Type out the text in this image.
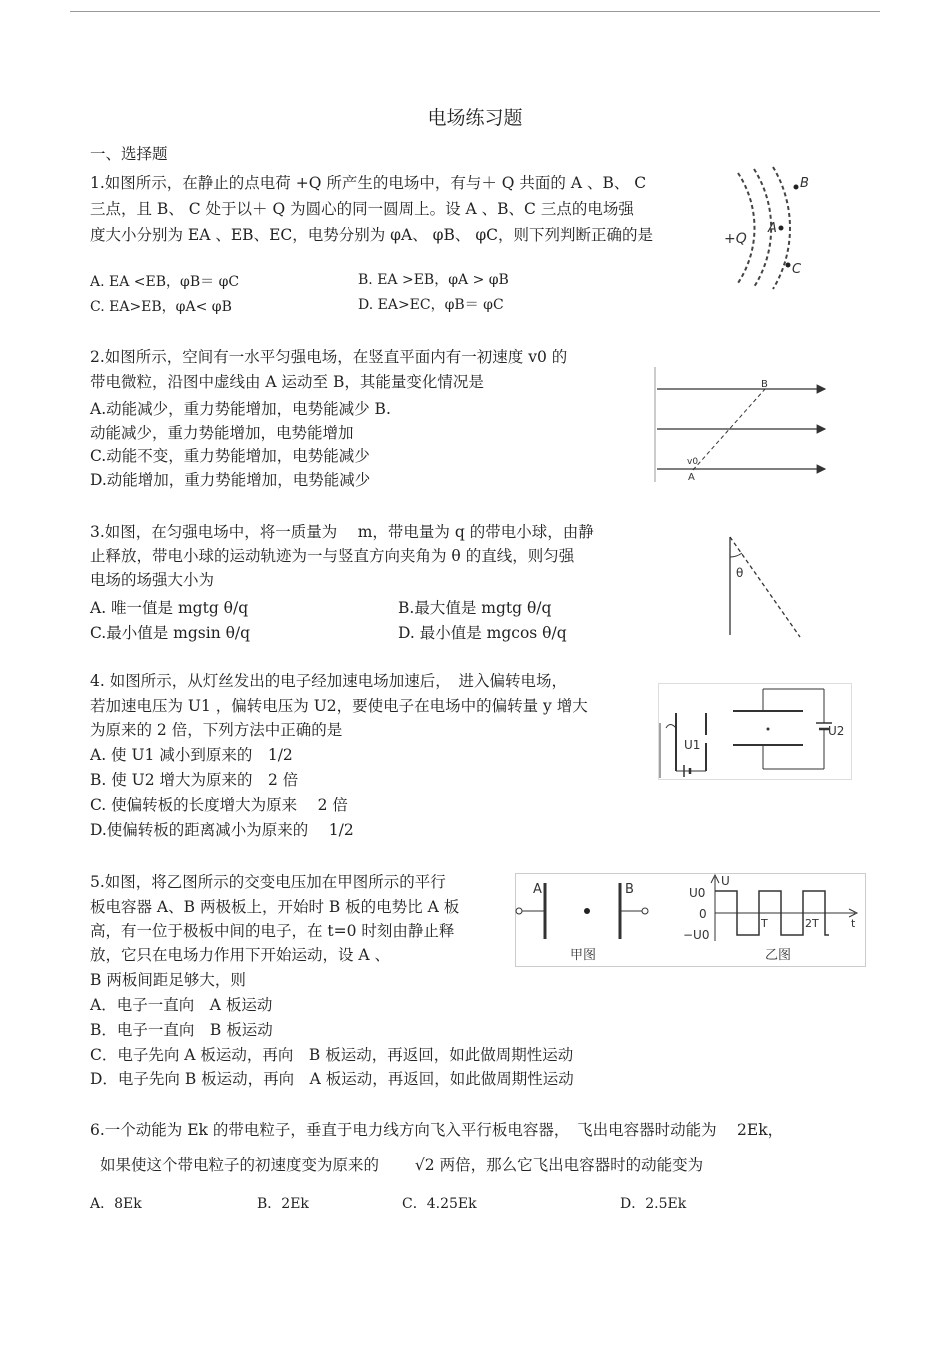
电场练习题
一、选择题
1.如图所示，在静止的点电荷 +Q 所产生的电场中，有与＋ Q 共面的 A 、B、 C
三点，且 B、 C 处于以＋ Q 为圆心的同一圆周上。设 A 、B、C 三点的电场强
度大小分别为 EA 、EB、EC，电势分别为 φA、 φB、 φC，则下列判断正确的是
A. EA <EB，φB＝ φC	B. EA >EB，φA > φB
C. EA>EB，φA< φB	D. EA>EC，φB＝ φC
+Q
A
B
C
2.如图所示，空间有一水平匀强电场，在竖直平面内有一初速度 v0 的
带电微粒，沿图中虚线由 A 运动至 B，其能量变化情况是
A.动能减少，重力势能增加，电势能减少 B.
动能减少，重力势能增加，电势能增加
C.动能不变，重力势能增加，电势能减少
D.动能增加，重力势能增加，电势能减少	A
B
v0
3.如图，在匀强电场中，将一质量为　 m，带电量为 q 的带电小球，由静
止释放，带电小球的运动轨迹为一与竖直方向夹角为 θ 的直线，则匀强
电场的场强大小为
A. 唯一值是 mgtg θ/q	B.最大值是 mgtg θ/q
C.最小值是 mgsin θ/q	D. 最小值是 mgcos θ/q
θ
4. 如图所示，从灯丝发出的电子经加速电场加速后，　进入偏转电场，
若加速电压为 U1 ，偏转电压为 U2，要使电子在电场中的偏转量 y 增大
为原来的 2 倍，下列方法中正确的是
A. 使 U1 减小到原来的　1/2
B. 使 U2 增大为原来的　2 倍
C. 使偏转板的长度增大为原来　 2 倍
D.使偏转板的距离减小为原来的　 1/2
U1
U2
5.如图，将乙图所示的交变电压加在甲图所示的平行
板电容器 A、B 两极板上，开始时 B 板的电势比 A 板
高，有一位于极板中间的电子，在 t=0 时刻由静止释
放，它只在电场力作用下开始运动，设 A 、
B 两板间距足够大，则
A．电子一直向　A 板运动
B．电子一直向　B 板运动
C．电子先向 A 板运动，再向　B 板运动，再返回，如此做周期性运动
D．电子先向 B 板运动，再向　A 板运动，再返回，如此做周期性运动
A	B
甲图
U
U0
0
−U0
T	2T	t
乙图
6.一个动能为 Ek 的带电粒子，垂直于电力线方向飞入平行板电容器，　飞出电容器时动能为　 2Ek，
如果使这个带电粒子的初速度变为原来的　　 √2 两倍，那么它飞出电容器时的动能变为
A．8Ek	B．2Ek	C．4.25Ek	D．2.5Ek
